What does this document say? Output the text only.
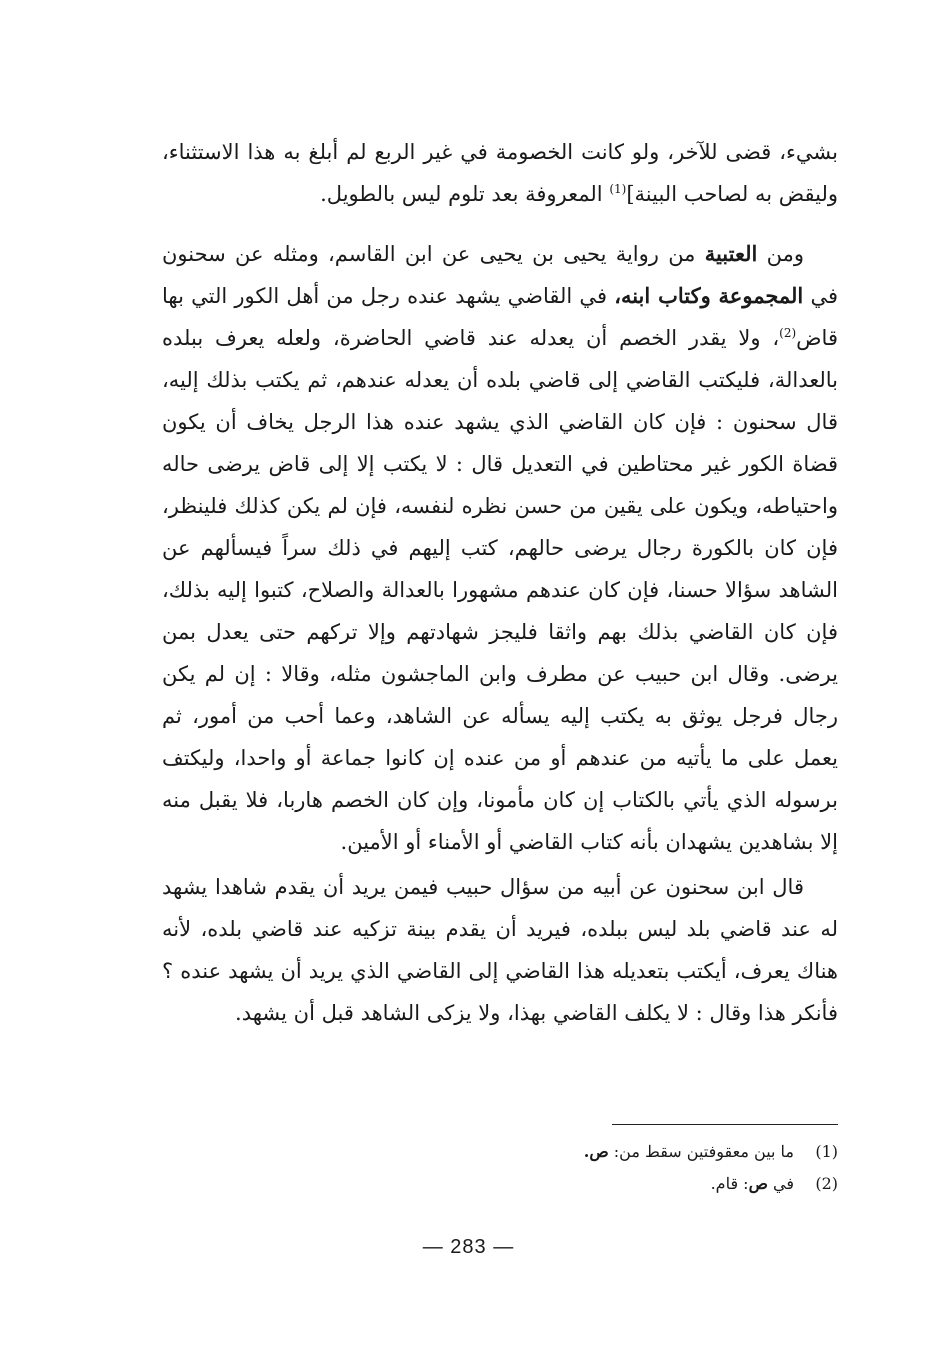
بشيء، قضى للآخر، ولو كانت الخصومة في غير الربع لم أبلغ به هذا الاستثناء، وليقض به لصاحب البينة]$^{(1)}$ المعروفة بعد تلوم ليس بالطويل.

ومن العتبية من رواية يحيى بن يحيى عن ابن القاسم، ومثله عن سحنون في المجموعة وكتاب ابنه، في القاضي يشهد عنده رجل من أهل الكور التي بها قاض$^{(2)}$، ولا يقدر الخصم أن يعدله عند قاضي الحاضرة، ولعله يعرف ببلده بالعدالة، فليكتب القاضي إلى قاضي بلده أن يعدله عندهم، ثم يكتب بذلك إليه، قال سحنون : فإن كان القاضي الذي يشهد عنده هذا الرجل يخاف أن يكون قضاة الكور غير محتاطين في التعديل قال : لا يكتب إلا إلى قاض يرضى حاله واحتياطه، ويكون على يقين من حسن نظره لنفسه، فإن لم يكن كذلك فلينظر، فإن كان بالكورة رجال يرضى حالهم، كتب إليهم في ذلك سراً فيسألهم عن الشاهد سؤالا حسنا، فإن كان عندهم مشهورا بالعدالة والصلاح، كتبوا إليه بذلك، فإن كان القاضي بذلك بهم واثقا فليجز شهادتهم وإلا تركهم حتى يعدل بمن يرضى. وقال ابن حبيب عن مطرف وابن الماجشون مثله، وقالا : إن لم يكن رجال فرجل يوثق به يكتب إليه يسأله عن الشاهد، وعما أحب من أمور، ثم يعمل على ما يأتيه من عندهم أو من عنده إن كانوا جماعة أو واحدا، وليكتف برسوله الذي يأتي بالكتاب إن كان مأمونا، وإن كان الخصم هاربا، فلا يقبل منه إلا بشاهدين يشهدان بأنه كتاب القاضي أو الأمناء أو الأمين.

قال ابن سحنون عن أبيه من سؤال حبيب فيمن يريد أن يقدم شاهدا يشهد له عند قاضي بلد ليس ببلده، فيريد أن يقدم بينة تزكيه عند قاضي بلده، لأنه هناك يعرف، أيكتب بتعديله هذا القاضي إلى القاضي الذي يريد أن يشهد عنده ؟ فأنكر هذا وقال : لا يكلف القاضي بهذا، ولا يزكى الشاهد قبل أن يشهد.

(1)ما بين معقوفتين سقط من: ص.
(2)في ص: قام.
— 283 —
